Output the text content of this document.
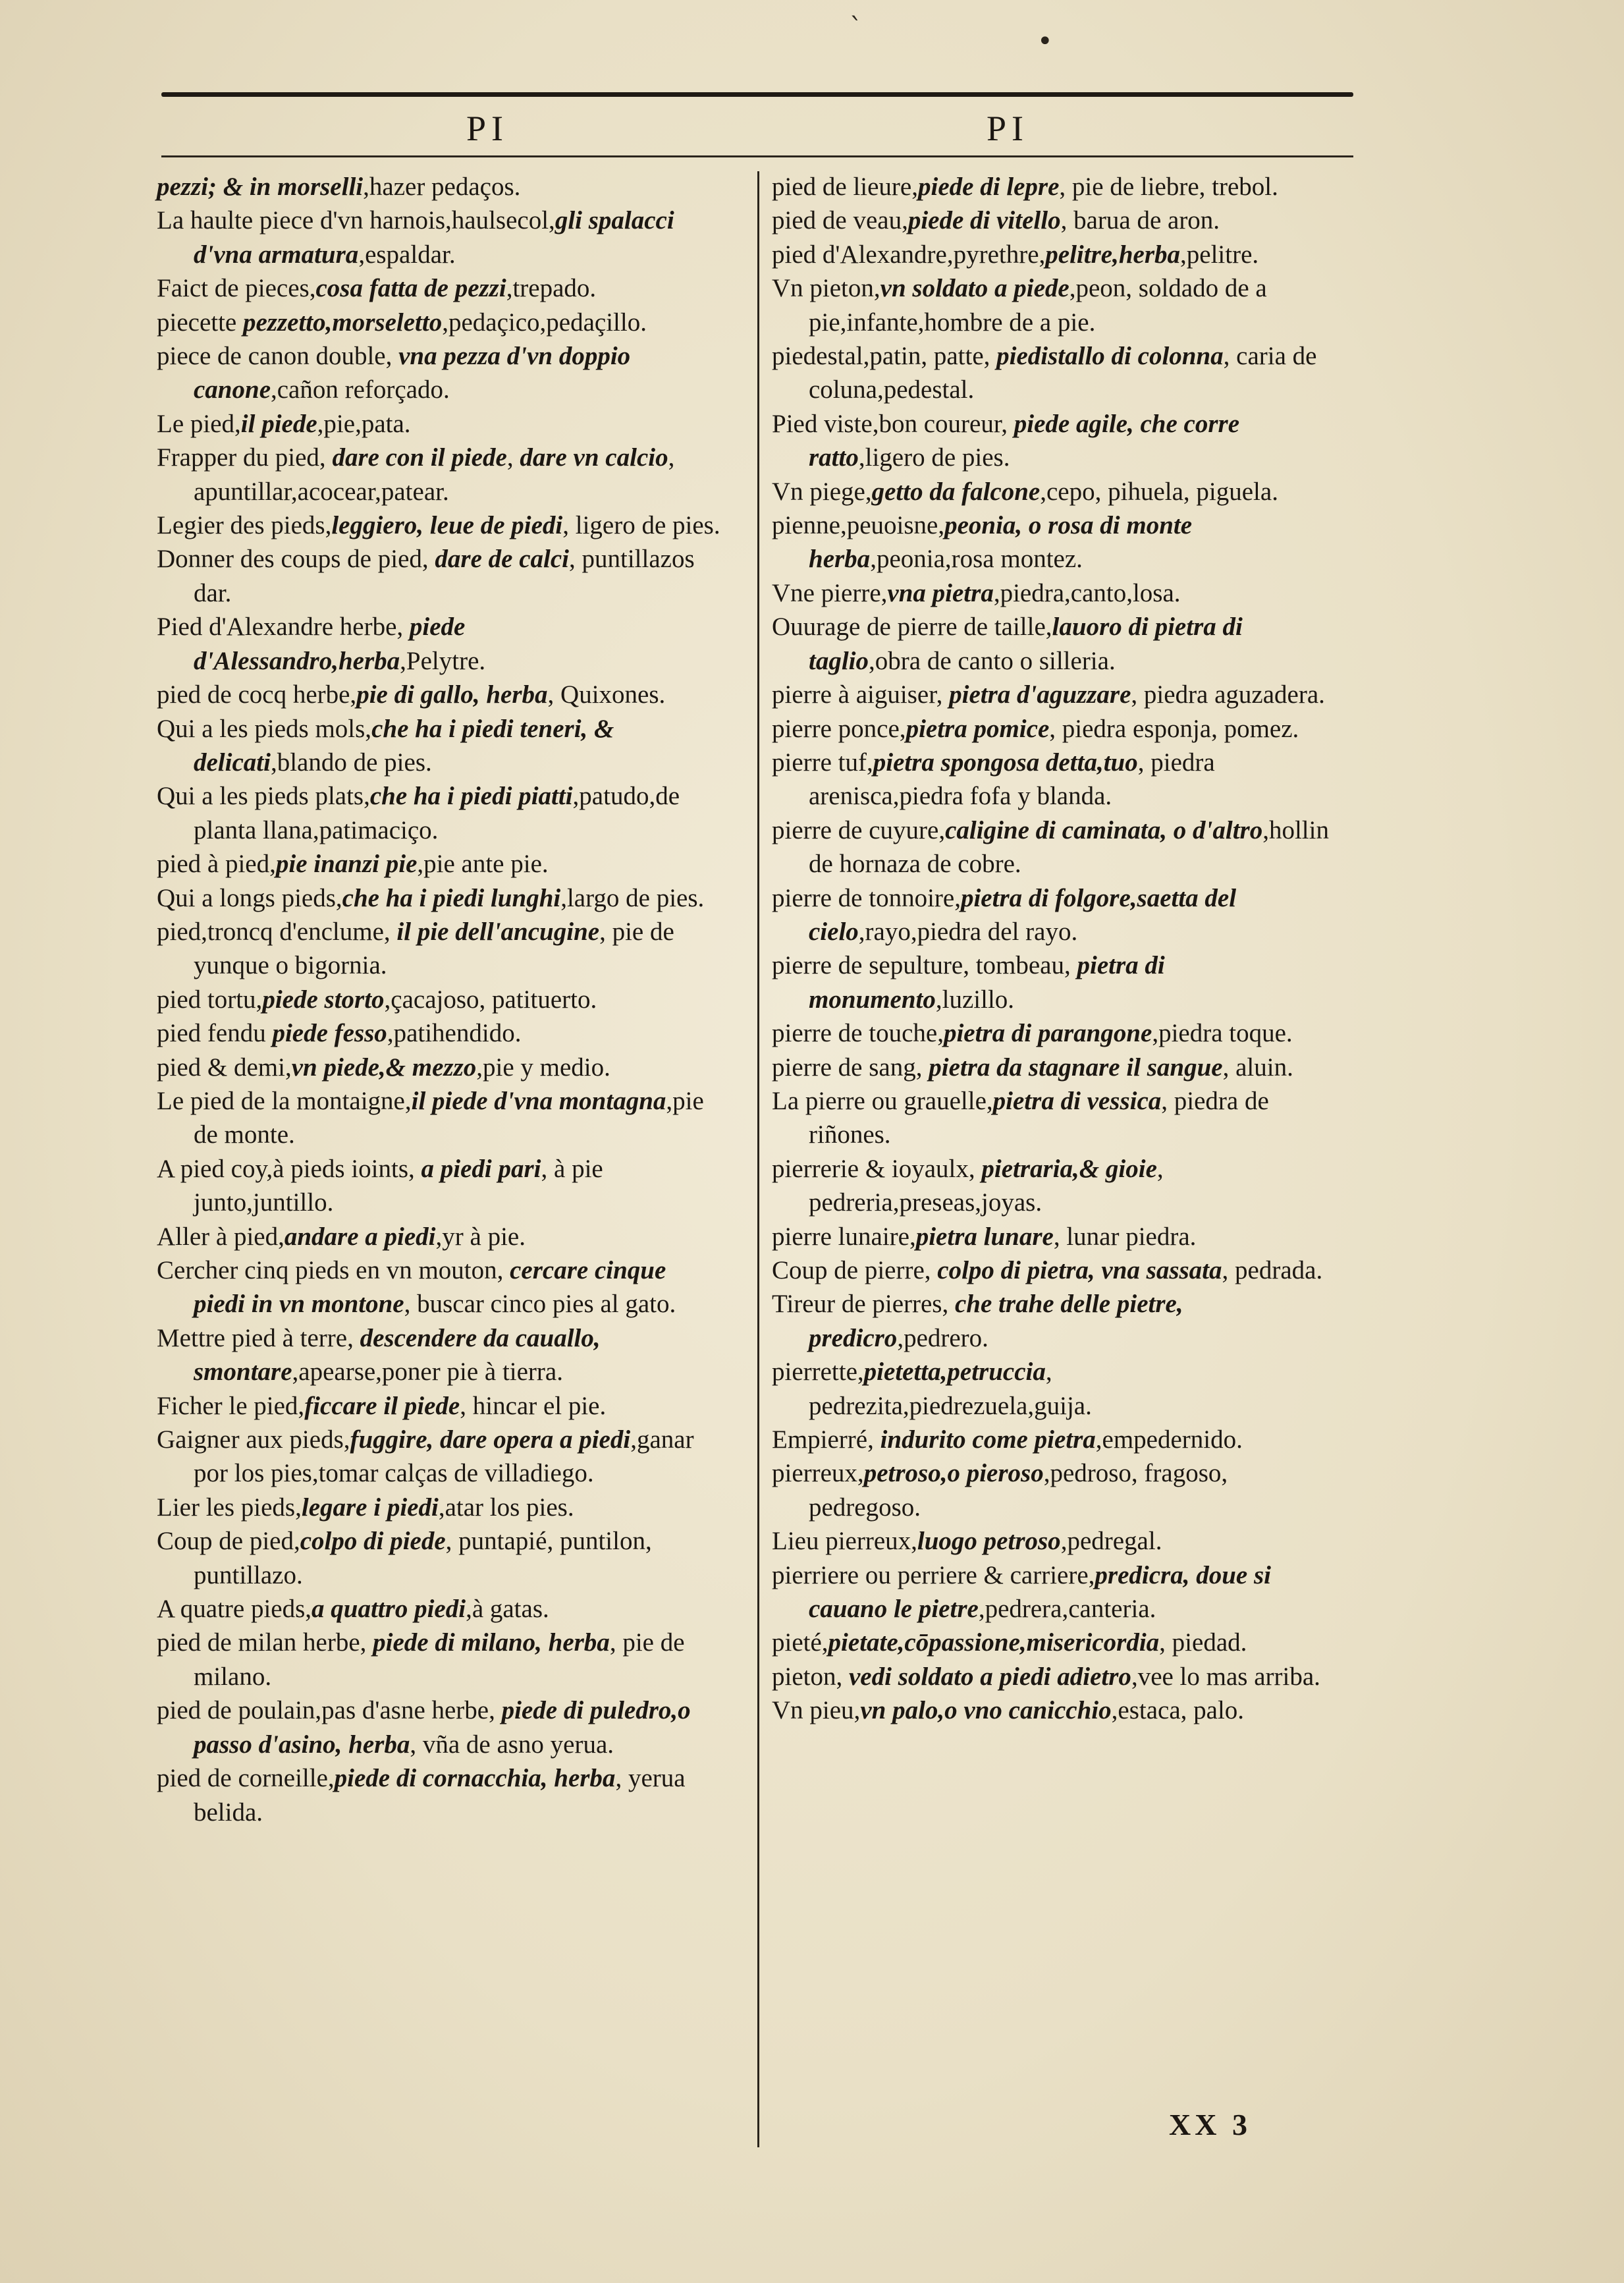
`	•
PI	PI

pezzi; & in morselli,hazer pedaços.

La haulte piece d'vn harnois,haulsecol,gli spalacci d'vna armatura,espaldar.

Faict de pieces,cosa fatta de pezzi,trepado.

piecette pezzetto,morseletto,pedaçico,pedaçillo.

piece de canon double, vna pezza d'vn doppio canone,cañon reforçado.

Le pied,il piede,pie,pata.

Frapper du pied, dare con il piede, dare vn calcio, apuntillar,acocear,patear.

Legier des pieds,leggiero, leue de piedi, ligero de pies.

Donner des coups de pied, dare de calci, puntillazos dar.

Pied d'Alexandre herbe, piede d'Alessandro,herba,Pelytre.

pied de cocq herbe,pie di gallo, herba, Quixones.

Qui a les pieds mols,che ha i piedi teneri, & delicati,blando de pies.

Qui a les pieds plats,che ha i piedi piatti,patudo,de planta llana,patimaciço.

pied à pied,pie inanzi pie,pie ante pie.

Qui a longs pieds,che ha i piedi lunghi,largo de pies.

pied,troncq d'enclume, il pie dell'ancugine, pie de yunque o bigornia.

pied tortu,piede storto,çacajoso, patituerto.

pied fendu piede fesso,patihendido.

pied & demi,vn piede,& mezzo,pie y medio.

Le pied de la montaigne,il piede d'vna montagna,pie de monte.

A pied coy,à pieds ioints, a piedi pari, à pie junto,juntillo.

Aller à pied,andare a piedi,yr à pie.

Cercher cinq pieds en vn mouton, cercare cinque piedi in vn montone, buscar cinco pies al gato.

Mettre pied à terre, descendere da cauallo, smontare,apearse,poner pie à tierra.

Ficher le pied,ficcare il piede, hincar el pie.

Gaigner aux pieds,fuggire, dare opera a piedi,ganar por los pies,tomar calças de villadiego.

Lier les pieds,legare i piedi,atar los pies.

Coup de pied,colpo di piede, puntapié, puntilon, puntillazo.

A quatre pieds,a quattro piedi,à gatas.

pied de milan herbe, piede di milano, herba, pie de milano.

pied de poulain,pas d'asne herbe, piede di puledro,o passo d'asino, herba, vña de asno yerua.

pied de corneille,piede di cornacchia, herba, yerua belida.

pied de lieure,piede di lepre, pie de liebre, trebol.

pied de veau,piede di vitello, barua de aron.

pied d'Alexandre,pyrethre,pelitre,herba,pelitre.

Vn pieton,vn soldato a piede,peon, soldado de a pie,infante,hombre de a pie.

piedestal,patin, patte, piedistallo di colonna, caria de coluna,pedestal.

Pied viste,bon coureur, piede agile, che corre ratto,ligero de pies.

Vn piege,getto da falcone,cepo, pihuela, piguela.

pienne,peuoisne,peonia, o rosa di monte herba,peonia,rosa montez.

Vne pierre,vna pietra,piedra,canto,losa.

Ouurage de pierre de taille,lauoro di pietra di taglio,obra de canto o silleria.

pierre à aiguiser, pietra d'aguzzare, piedra aguzadera.

pierre ponce,pietra pomice, piedra esponja, pomez.

pierre tuf,pietra spongosa detta,tuo, piedra arenisca,piedra fofa y blanda.

pierre de cuyure,caligine di caminata, o d'altro,hollin de hornaza de cobre.

pierre de tonnoire,pietra di folgore,saetta del cielo,rayo,piedra del rayo.

pierre de sepulture, tombeau, pietra di monumento,luzillo.

pierre de touche,pietra di parangone,piedra toque.

pierre de sang, pietra da stagnare il sangue, aluin.

La pierre ou grauelle,pietra di vessica, piedra de riñones.

pierrerie & ioyaulx, pietraria,& gioie, pedreria,preseas,joyas.

pierre lunaire,pietra lunare, lunar piedra.

Coup de pierre, colpo di pietra, vna sassata, pedrada.

Tireur de pierres, che trahe delle pietre, predicro,pedrero.

pierrette,pietetta,petruccia, pedrezita,piedrezuela,guija.

Empierré, indurito come pietra,empedernido.

pierreux,petroso,o pieroso,pedroso, fragoso, pedregoso.

Lieu pierreux,luogo petroso,pedregal.

pierriere ou perriere & carriere,predicra, doue si cauano le pietre,pedrera,canteria.

pieté,pietate,cōpassione,misericordia, piedad.

pieton, vedi soldato a piedi adietro,vee lo mas arriba.

Vn pieu,vn palo,o vno canicchio,estaca, palo.

XX 3
